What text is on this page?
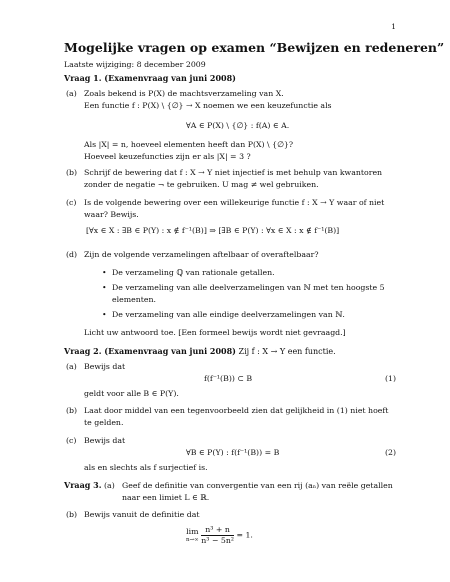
1
Mogelijke vragen op examen “Bewijzen en redeneren”
Laatste wijziging: 8 december 2009
Vraag 1. (Examenvraag van juni 2008)
(a) Zoals bekend is P(X) de machtsverzameling van X.
Een functie f : P(X) \ {∅} → X noemen we een keuzefunctie als
∀A ∈ P(X) \ {∅} : f(A) ∈ A.
Als |X| = n, hoeveel elementen heeft dan P(X) \ {∅}?
Hoeveel keuzefuncties zijn er als |X| = 3 ?
(b) Schrijf de bewering dat f : X → Y niet injectief is met behulp van kwantoren zonder de negatie ¬ te gebruiken. U mag ≠ wel gebruiken.
(c) Is de volgende bewering over een willekeurige functie f : X → Y waar of niet waar? Bewijs.
[∀x ∈ X : ∃B ∈ P(Y) : x ∉ f⁻¹(B)] ⇒ [∃B ∈ P(Y) : ∀x ∈ X : x ∉ f⁻¹(B)]
(d) Zijn de volgende verzamelingen aftelbaar of overaftelbaar?
• De verzameling ℚ van rationale getallen.
• De verzameling van alle deelverzamelingen van ℕ met ten hoogste 5 elementen.
• De verzameling van alle eindige deelverzamelingen van ℕ.
Licht uw antwoord toe. [Een formeel bewijs wordt niet gevraagd.]
Vraag 2. (Examenvraag van juni 2008) Zij f : X → Y een functie.
(a) Bewijs dat
f(f⁻¹(B)) ⊂ B	(1)
geldt voor alle B ∈ P(Y).
(b) Laat door middel van een tegenvoorbeeld zien dat gelijkheid in (1) niet hoeft te gelden.
(c) Bewijs dat
∀B ∈ P(Y) : f(f⁻¹(B)) = B	(2)
als en slechts als f surjectief is.
Vraag 3. (a) Geef de definitie van convergentie van een rij (aₙ) van reële getallen naar een limiet L ∈ ℝ.
(b) Bewijs vanuit de definitie dat
lim
n→∞
$\frac{\text{n³ + n}}{\text{n³ − 5n²}} = 1$.
